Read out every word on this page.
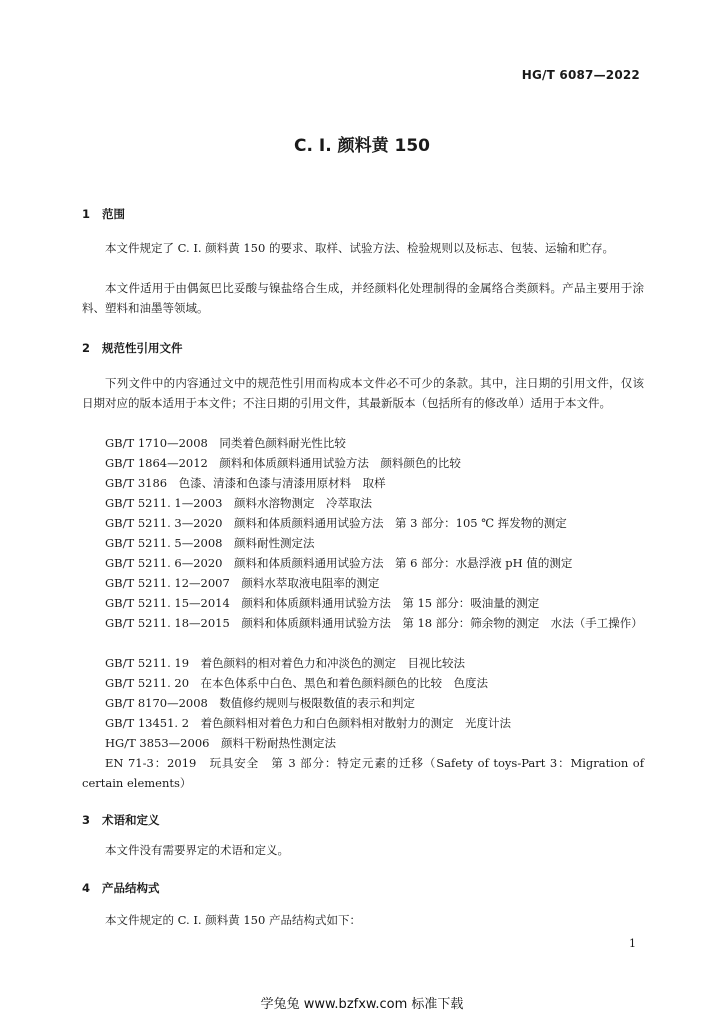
HG/T 6087—2022
C. I. 颜料黄 150
1 范围
本文件规定了 C. I. 颜料黄 150 的要求、取样、试验方法、检验规则以及标志、包装、运输和贮存。
本文件适用于由偶氮巴比妥酸与镍盐络合生成，并经颜料化处理制得的金属络合类颜料。产品主要用于涂料、塑料和油墨等领域。
2 规范性引用文件
下列文件中的内容通过文中的规范性引用而构成本文件必不可少的条款。其中，注日期的引用文件，仅该日期对应的版本适用于本文件；不注日期的引用文件，其最新版本（包括所有的修改单）适用于本文件。
GB/T 1710—2008　同类着色颜料耐光性比较
GB/T 1864—2012　颜料和体质颜料通用试验方法　颜料颜色的比较
GB/T 3186　色漆、清漆和色漆与清漆用原材料　取样
GB/T 5211. 1—2003　颜料水溶物测定　冷萃取法
GB/T 5211. 3—2020　颜料和体质颜料通用试验方法　第 3 部分：105 ℃ 挥发物的测定
GB/T 5211. 5—2008　颜料耐性测定法
GB/T 5211. 6—2020　颜料和体质颜料通用试验方法　第 6 部分：水悬浮液 pH 值的测定
GB/T 5211. 12—2007　颜料水萃取液电阻率的测定
GB/T 5211. 15—2014　颜料和体质颜料通用试验方法　第 15 部分：吸油量的测定
GB/T 5211. 18—2015　颜料和体质颜料通用试验方法　第 18 部分：筛余物的测定　水法（手工操作）
GB/T 5211. 19　着色颜料的相对着色力和冲淡色的测定　目视比较法
GB/T 5211. 20　在本色体系中白色、黑色和着色颜料颜色的比较　色度法
GB/T 8170—2008　数值修约规则与极限数值的表示和判定
GB/T 13451. 2　着色颜料相对着色力和白色颜料相对散射力的测定　光度计法
HG/T 3853—2006　颜料干粉耐热性测定法
EN 71-3：2019　玩具安全　第 3 部分：特定元素的迁移（Safety of toys-Part 3：Migration of certain elements）
3 术语和定义
本文件没有需要界定的术语和定义。
4 产品结构式
本文件规定的 C. I. 颜料黄 150 产品结构式如下：
1
学兔兔 www.bzfxw.com 标准下载
